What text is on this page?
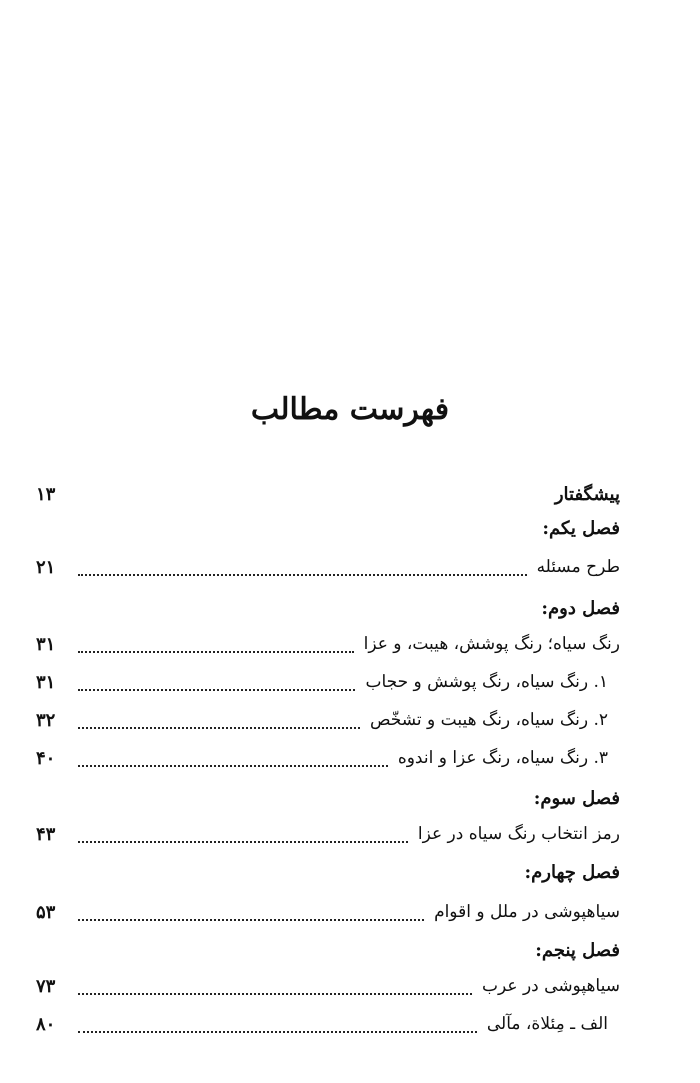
فهرست مطالب
پیشگفتار
۱۳
فصل یکم:
طرح مسئله
۲۱
فصل دوم:
رنگ سیاه؛ رنگ پوشش، هیبت، و عزا
۳۱
۱. رنگ سیاه، رنگ پوشش و حجاب
۳۱
۲. رنگ سیاه، رنگ هیبت و تشخّص
۳۲
۳. رنگ سیاه، رنگ عزا و اندوه
۴۰
فصل سوم:
رمز انتخاب رنگ سیاه در عزا
۴۳
فصل چهارم:
سیاهپوشی در ملل و اقوام
۵۳
فصل پنجم:
سیاهپوشی در عرب
۷۳
الف ـ مِئلاة، مآلی
۸۰
